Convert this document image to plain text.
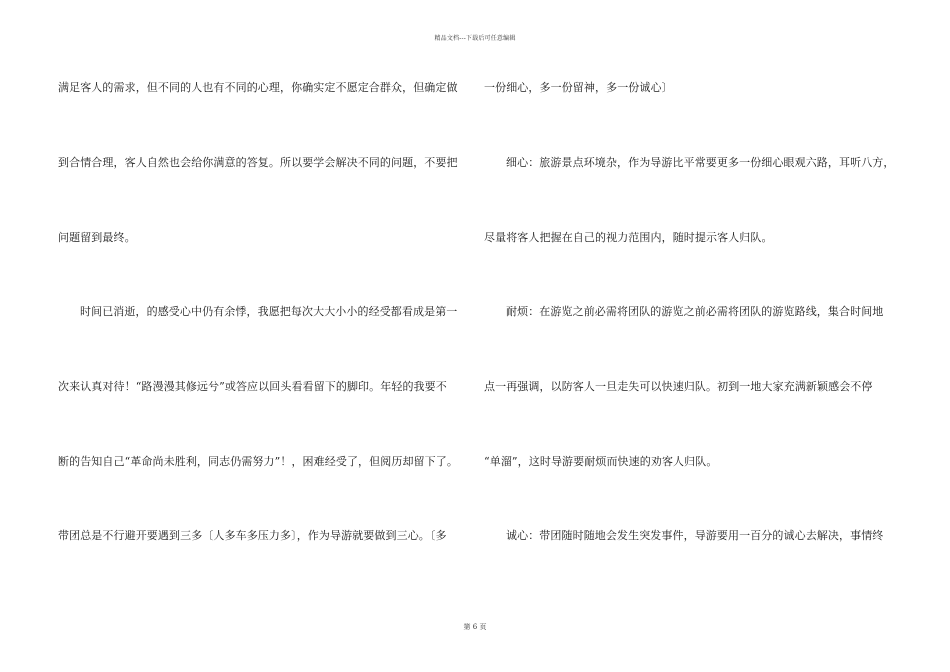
精品文档---下载后可任意编辑
满足客人的需求，但不同的人也有不同的心理，你确实定不愿定合群众，但确定做
到合情合理，客人自然也会给你满意的答复。所以要学会解决不同的问题，不要把
问题留到最终。
时间已消逝，的感受心中仍有余悸，我愿把每次大大小小的经受都看成是第一
次来认真对待！“路漫漫其修远兮”或答应以回头看看留下的脚印。年轻的我要不
断的告知自己“革命尚未胜利，同志仍需努力”！，困难经受了，但阅历却留下了。
带团总是不行避开要遇到三多〔人多车多压力多〕，作为导游就要做到三心。〔多
一份细心，多一份留神，多一份诚心〕
细心：旅游景点环境杂，作为导游比平常要更多一份细心眼观六路，耳听八方，
尽量将客人把握在自己的视力范围内，随时提示客人归队。
耐烦：在游览之前必需将团队的游览之前必需将团队的游览路线，集合时间地
点一再强调，以防客人一旦走失可以快速归队。初到一地大家充满新颖感会不停
“单溜”，这时导游要耐烦而快速的劝客人归队。
诚心：带团随时随地会发生突发事件，导游要用一百分的诚心去解决，事情终
第 6 页
